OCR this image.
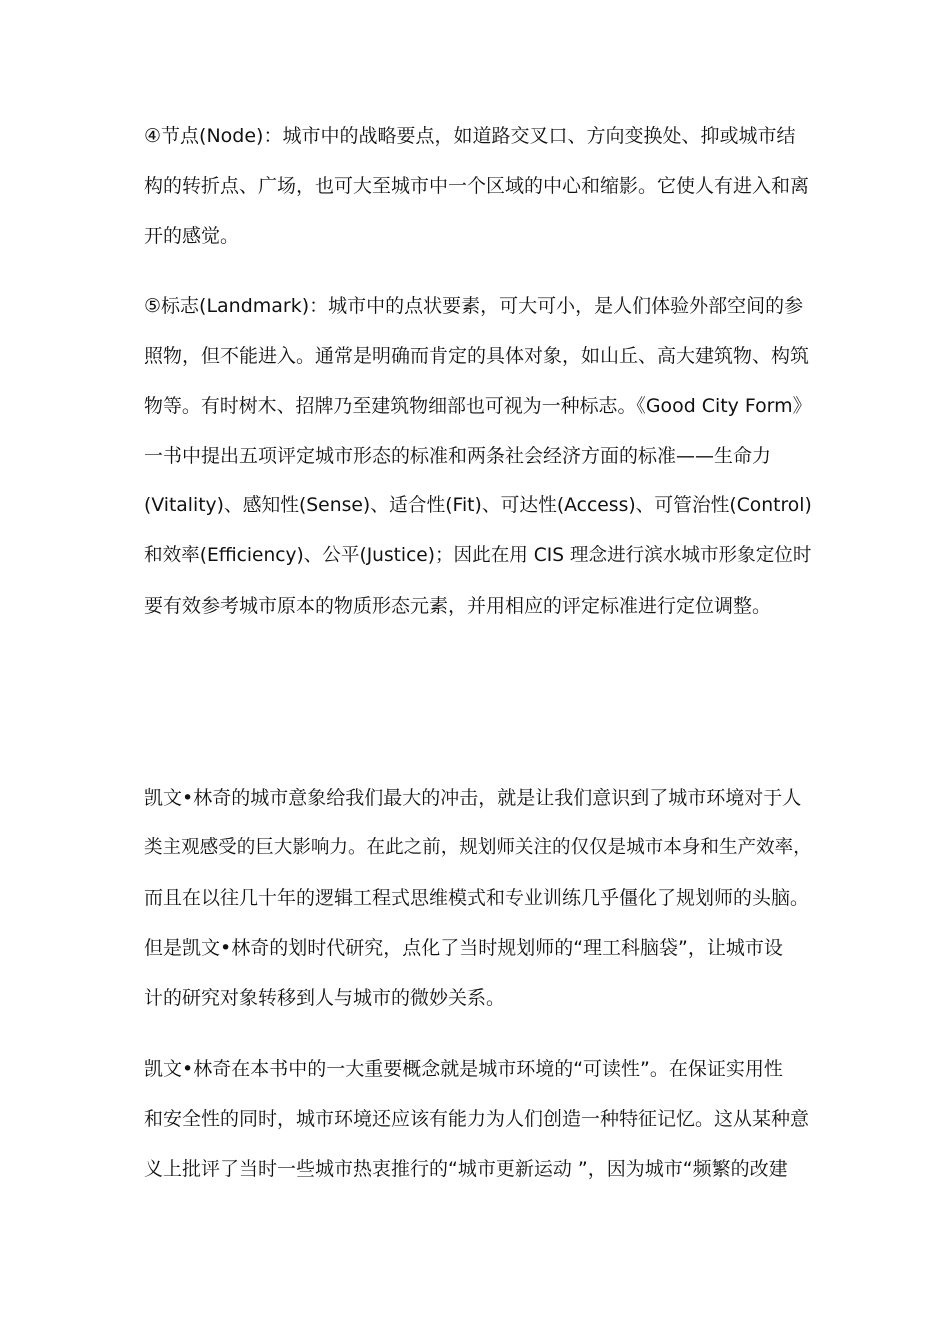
④节点(Node)：城市中的战略要点，如道路交叉口、方向变换处、抑或城市结
构的转折点、广场，也可大至城市中一个区域的中心和缩影。它使人有进入和离
开的感觉。
⑤标志(Landmark)：城市中的点状要素，可大可小，是人们体验外部空间的参
照物，但不能进入。通常是明确而肯定的具体对象，如山丘、高大建筑物、构筑
物等。有时树木、招牌乃至建筑物细部也可视为一种标志。《Good City Form》
一书中提出五项评定城市形态的标准和两条社会经济方面的标准——生命力
(Vitality)、感知性(Sense)、适合性(Fit)、可达性(Access)、可管治性(Control)
和效率(Efficiency)、公平(Justice)；因此在用 CIS 理念进行滨水城市形象定位时
要有效参考城市原本的物质形态元素，并用相应的评定标准进行定位调整。
凯文•林奇的城市意象给我们最大的冲击，就是让我们意识到了城市环境对于人
类主观感受的巨大影响力。在此之前，规划师关注的仅仅是城市本身和生产效率，
而且在以往几十年的逻辑工程式思维模式和专业训练几乎僵化了规划师的头脑。
但是凯文•林奇的划时代研究，点化了当时规划师的“理工科脑袋”，让城市设
计的研究对象转移到人与城市的微妙关系。
凯文•林奇在本书中的一大重要概念就是城市环境的“可读性”。在保证实用性
和安全性的同时，城市环境还应该有能力为人们创造一种特征记忆。这从某种意
义上批评了当时一些城市热衷推行的“城市更新运动 ”，因为城市“频繁的改建
